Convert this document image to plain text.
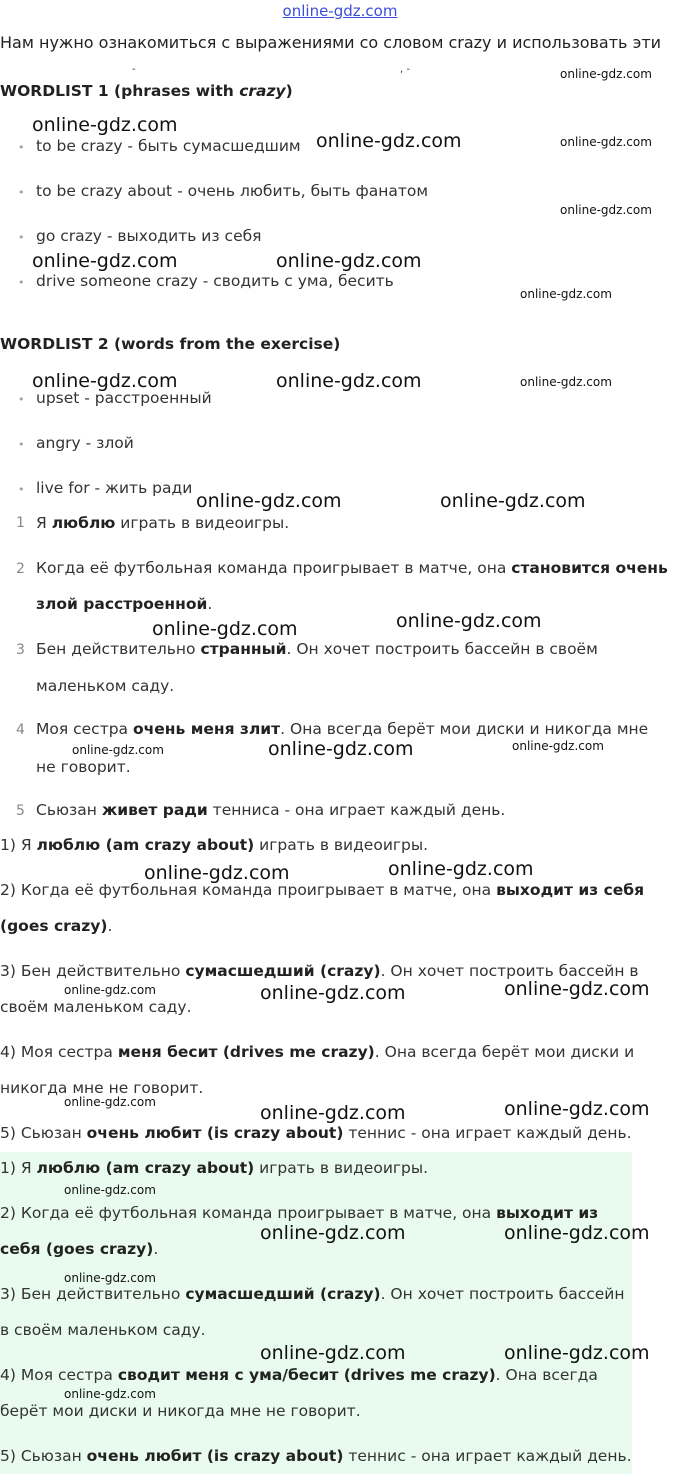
online-gdz.com
Нам нужно ознакомиться с выражениями со словом crazy и использовать эти
-	, -
WORDLIST 1 (phrases with crazy)
• to be crazy - быть сумасшедшим
• to be crazy about - очень любить, быть фанатом
• go crazy - выходить из себя
• drive someone crazy - сводить с ума, бесить
WORDLIST 2 (words from the exercise)
• upset - расстроенный
• angry - злой
• live for - жить ради
1 Я люблю играть в видеоигры.
2 Когда её футбольная команда проигрывает в матче, она становится очень
злой расстроенной.
3 Бен действительно странный. Он хочет построить бассейн в своём
маленьком саду.
4 Моя сестра очень меня злит. Она всегда берёт мои диски и никогда мне
не говорит.
5 Сьюзан живет ради тенниса - она играет каждый день.
1) Я люблю (am crazy about) играть в видеоигры.
2) Когда её футбольная команда проигрывает в матче, она выходит из себя
(goes crazy).
3) Бен действительно сумасшедший (crazy). Он хочет построить бассейн в
своём маленьком саду.
4) Моя сестра меня бесит (drives me crazy). Она всегда берёт мои диски и
никогда мне не говорит.
5) Сьюзан очень любит (is crazy about) теннис - она играет каждый день.
1) Я люблю (am crazy about) играть в видеоигры.
2) Когда её футбольная команда проигрывает в матче, она выходит из
себя (goes crazy).
3) Бен действительно сумасшедший (crazy). Он хочет построить бассейн
в своём маленьком саду.
4) Моя сестра сводит меня с ума/бесит (drives me crazy). Она всегда
берёт мои диски и никогда мне не говорит.
5) Сьюзан очень любит (is crazy about) теннис - она играет каждый день.
online-gdz.com
online-gdz.com
online-gdz.com	online-gdz.com
online-gdz.com
online-gdz.com	online-gdz.com
online-gdz.com
online-gdz.com	online-gdz.com	online-gdz.com
online-gdz.com	online-gdz.com
online-gdz.com
online-gdz.com
online-gdz.com	online-gdz.com	online-gdz.com
online-gdz.com
online-gdz.com
online-gdz.com	online-gdz.com	online-gdz.com
online-gdz.com	online-gdz.com	online-gdz.com
online-gdz.com
online-gdz.com	online-gdz.com
online-gdz.com
online-gdz.com	online-gdz.com
online-gdz.com
